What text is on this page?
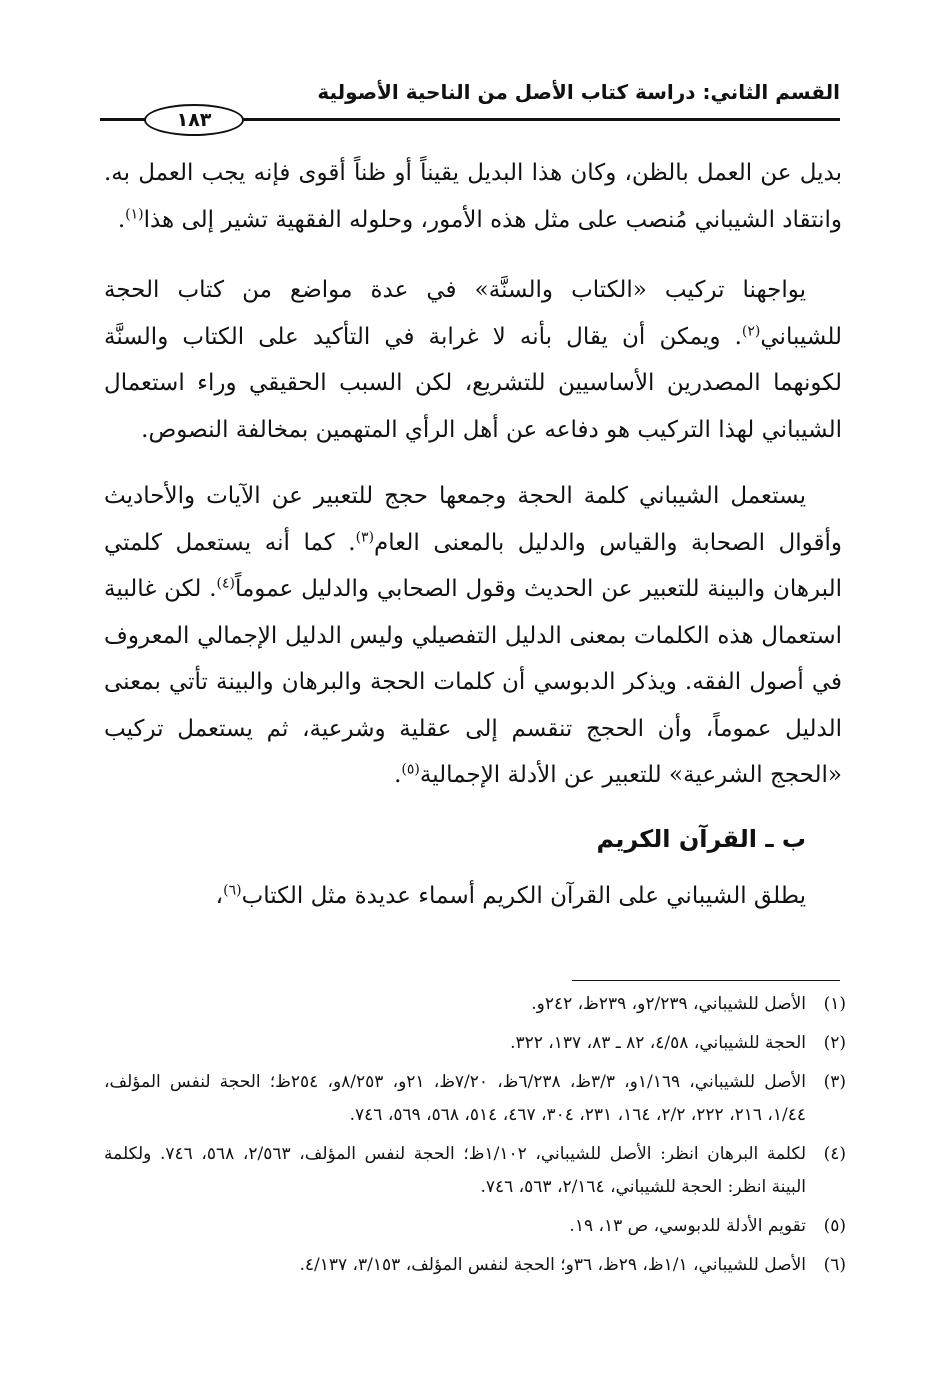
القسم الثاني: دراسة كتاب الأصل من الناحية الأصولية
١٨٣

بديل عن العمل بالظن، وكان هذا البديل يقيناً أو ظناً أقوى فإنه يجب العمل به. وانتقاد الشيباني مُنصب على مثل هذه الأمور، وحلوله الفقهية تشير إلى هذا$^{(١)}$.

يواجهنا تركيب «الكتاب والسنَّة» في عدة مواضع من كتاب الحجة للشيباني$^{(٢)}$. ويمكن أن يقال بأنه لا غرابة في التأكيد على الكتاب والسنَّة لكونهما المصدرين الأساسيين للتشريع، لكن السبب الحقيقي وراء استعمال الشيباني لهذا التركيب هو دفاعه عن أهل الرأي المتهمين بمخالفة النصوص.

يستعمل الشيباني كلمة الحجة وجمعها حجج للتعبير عن الآيات والأحاديث وأقوال الصحابة والقياس والدليل بالمعنى العام$^{(٣)}$. كما أنه يستعمل كلمتي البرهان والبينة للتعبير عن الحديث وقول الصحابي والدليل عموماً$^{(٤)}$. لكن غالبية استعمال هذه الكلمات بمعنى الدليل التفصيلي وليس الدليل الإجمالي المعروف في أصول الفقه. ويذكر الدبوسي أن كلمات الحجة والبرهان والبينة تأتي بمعنى الدليل عموماً، وأن الحجج تنقسم إلى عقلية وشرعية، ثم يستعمل تركيب «الحجج الشرعية» للتعبير عن الأدلة الإجمالية$^{(٥)}$.

ب ـ القرآن الكريم

يطلق الشيباني على القرآن الكريم أسماء عديدة مثل الكتاب$^{(٦)}$،

(١)
الأصل للشيباني، ٢/٢٣٩و، ٢٣٩ظ، ٢٤٢و.
(٢)
الحجة للشيباني، ٤/٥٨، ٨٢ ـ ٨٣، ١٣٧، ٣٢٢.
(٣)
الأصل للشيباني، ١/١٦٩و، ٣/٣ظ، ٦/٢٣٨ظ، ٧/٢٠ظ، ٢١و، ٨/٢٥٣و، ٢٥٤ظ؛ الحجة لنفس المؤلف، ١/٤٤، ٢١٦، ٢٢٢، ٢/٢، ١٦٤، ٢٣١، ٣٠٤، ٤٦٧، ٥١٤، ٥٦٨، ٥٦٩، ٧٤٦.
(٤)
لكلمة البرهان انظر: الأصل للشيباني، ١/١٠٢ظ؛ الحجة لنفس المؤلف، ٢/٥٦٣، ٥٦٨، ٧٤٦. ولكلمة البينة انظر: الحجة للشيباني، ٢/١٦٤، ٥٦٣، ٧٤٦.
(٥)
تقويم الأدلة للدبوسي، ص ١٣، ١٩.
(٦)
الأصل للشيباني، ١/١ظ، ٢٩ظ، ٣٦و؛ الحجة لنفس المؤلف، ٣/١٥٣، ٤/١٣٧.
